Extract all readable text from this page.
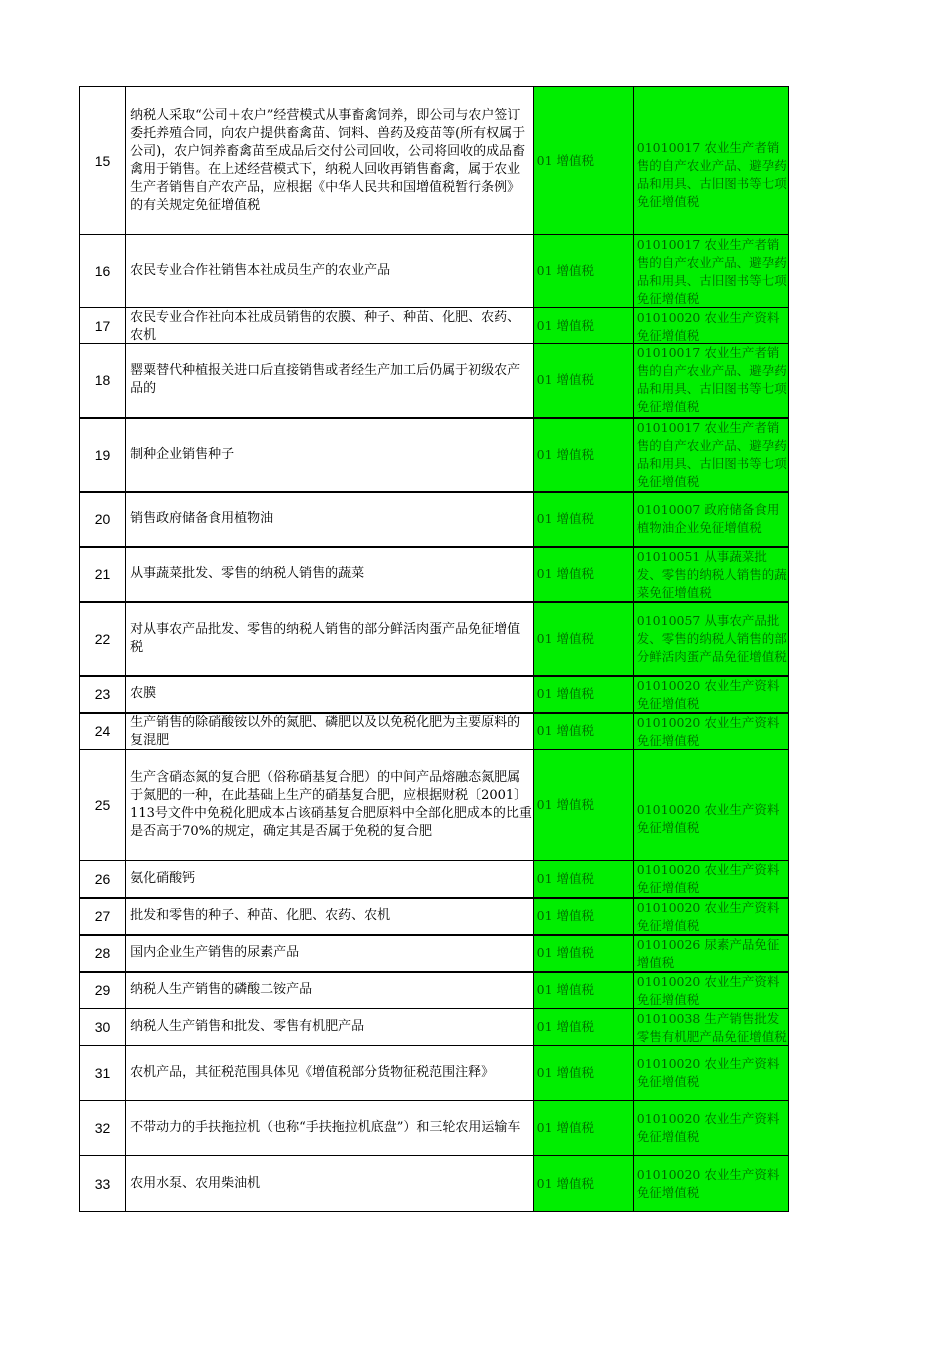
15	纳税人采取“公司＋农户”经营模式从事畜禽饲养，即公司与农户签订委托养殖合同，向农户提供畜禽苗、饲料、兽药及疫苗等(所有权属于公司)，农户饲养畜禽苗至成品后交付公司回收，公司将回收的成品畜禽用于销售。在上述经营模式下，纳税人回收再销售畜禽，属于农业生产者销售自产农产品，应根据《中华人民共和国增值税暂行条例》的有关规定免征增值税	01 增值税	01010017 农业生产者销售的自产农业产品、避孕药品和用具、古旧图书等七项免征增值税

16	农民专业合作社销售本社成员生产的农业产品	01 增值税	01010017 农业生产者销售的自产农业产品、避孕药品和用具、古旧图书等七项免征增值税

17	农民专业合作社向本社成员销售的农膜、种子、种苗、化肥、农药、农机	01 增值税	01010020 农业生产资料免征增值税

18	罂粟替代种植报关进口后直接销售或者经生产加工后仍属于初级农产品的	01 增值税	01010017 农业生产者销售的自产农业产品、避孕药品和用具、古旧图书等七项免征增值税

19	制种企业销售种子	01 增值税	01010017 农业生产者销售的自产农业产品、避孕药品和用具、古旧图书等七项免征增值税

20	销售政府储备食用植物油	01 增值税	01010007 政府储备食用植物油企业免征增值税

21	从事蔬菜批发、零售的纳税人销售的蔬菜	01 增值税	01010051 从事蔬菜批发、零售的纳税人销售的蔬菜免征增值税

22	对从事农产品批发、零售的纳税人销售的部分鲜活肉蛋产品免征增值税	01 增值税	01010057 从事农产品批发、零售的纳税人销售的部分鲜活肉蛋产品免征增值税

23	农膜	01 增值税	01010020 农业生产资料免征增值税

24	生产销售的除硝酸铵以外的氮肥、磷肥以及以免税化肥为主要原料的复混肥	01 增值税	01010020 农业生产资料免征增值税

25	生产含硝态氮的复合肥（俗称硝基复合肥）的中间产品熔融态氮肥属于氮肥的一种，在此基础上生产的硝基复合肥，应根据财税〔2001〕113号文件中免税化肥成本占该硝基复合肥原料中全部化肥成本的比重是否高于70%的规定，确定其是否属于免税的复合肥	01 增值税	01010020 农业生产资料免征增值税

26	氨化硝酸钙	01 增值税	01010020 农业生产资料免征增值税

27	批发和零售的种子、种苗、化肥、农药、农机	01 增值税	01010020 农业生产资料免征增值税

28	国内企业生产销售的尿素产品	01 增值税	01010026 尿素产品免征增值税

29	纳税人生产销售的磷酸二铵产品	01 增值税	01010020 农业生产资料免征增值税

30	纳税人生产销售和批发、零售有机肥产品	01 增值税	01010038 生产销售批发零售有机肥产品免征增值税

31	农机产品，其征税范围具体见《增值税部分货物征税范围注释》	01 增值税	01010020 农业生产资料免征增值税

32	不带动力的手扶拖拉机（也称“手扶拖拉机底盘”）和三轮农用运输车	01 增值税	01010020 农业生产资料免征增值税

33	农用水泵、农用柴油机	01 增值税	01010020 农业生产资料免征增值税
